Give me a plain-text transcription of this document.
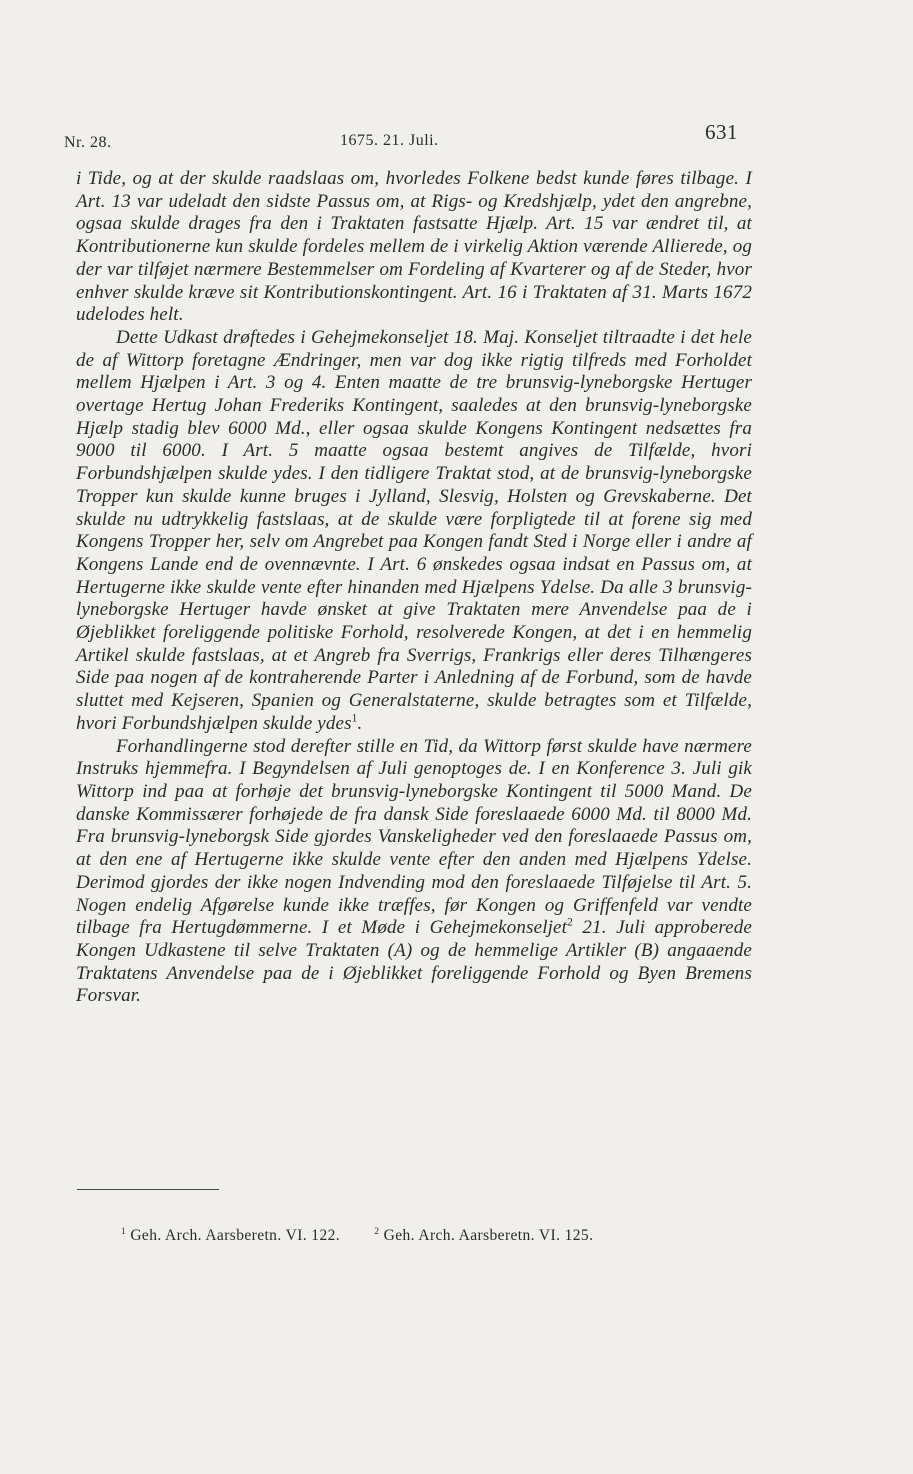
Nr. 28.	1675. 21. Juli.	631

i Tide, og at der skulde raadslaas om, hvorledes Folkene bedst kunde føres tilbage. I Art. 13 var udeladt den sidste Passus om, at Rigs- og Kredshjælp, ydet den angrebne, ogsaa skulde drages fra den i Traktaten fastsatte Hjælp. Art. 15 var ændret til, at Kontributionerne kun skulde fordeles mellem de i virkelig Aktion værende Allierede, og der var tilføjet nærmere Bestemmelser om Fordeling af Kvarterer og af de Steder, hvor enhver skulde kræve sit Kontributionskontingent. Art. 16 i Traktaten af 31. Marts 1672 udelodes helt.

Dette Udkast drøftedes i Gehejmekonseljet 18. Maj. Konseljet tiltraadte i det hele de af Wittorp foretagne Ændringer, men var dog ikke rigtig tilfreds med Forholdet mellem Hjælpen i Art. 3 og 4. Enten maatte de tre brunsvig-lyneborgske Hertuger overtage Hertug Johan Frederiks Kontingent, saaledes at den brunsvig-lyneborgske Hjælp stadig blev 6000 Md., eller ogsaa skulde Kongens Kontingent nedsættes fra 9000 til 6000. I Art. 5 maatte ogsaa bestemt angives de Tilfælde, hvori Forbundshjælpen skulde ydes. I den tidligere Traktat stod, at de brunsvig-lyneborgske Tropper kun skulde kunne bruges i Jylland, Slesvig, Holsten og Grevskaberne. Det skulde nu udtrykkelig fastslaas, at de skulde være forpligtede til at forene sig med Kongens Tropper her, selv om Angrebet paa Kongen fandt Sted i Norge eller i andre af Kongens Lande end de ovennævnte. I Art. 6 ønskedes ogsaa indsat en Passus om, at Hertugerne ikke skulde vente efter hinanden med Hjælpens Ydelse. Da alle 3 brunsvig-lyneborgske Hertuger havde ønsket at give Traktaten mere Anvendelse paa de i Øjeblikket foreliggende politiske Forhold, resolverede Kongen, at det i en hemmelig Artikel skulde fastslaas, at et Angreb fra Sverrigs, Frankrigs eller deres Tilhængeres Side paa nogen af de kontraherende Parter i Anledning af de Forbund, som de havde sluttet med Kejseren, Spanien og Generalstaterne, skulde betragtes som et Tilfælde, hvori Forbundshjælpen skulde ydes$^1$.

Forhandlingerne stod derefter stille en Tid, da Wittorp først skulde have nærmere Instruks hjemmefra. I Begyndelsen af Juli genoptoges de. I en Konference 3. Juli gik Wittorp ind paa at forhøje det brunsvig-lyneborgske Kontingent til 5000 Mand. De danske Kommissærer forhøjede de fra dansk Side foreslaaede 6000 Md. til 8000 Md. Fra brunsvig-lyneborgsk Side gjordes Vanskeligheder ved den foreslaaede Passus om, at den ene af Hertugerne ikke skulde vente efter den anden med Hjælpens Ydelse. Derimod gjordes der ikke nogen Indvending mod den foreslaaede Tilføjelse til Art. 5. Nogen endelig Afgørelse kunde ikke træffes, før Kongen og Griffenfeld var vendte tilbage fra Hertugdømmerne. I et Møde i Gehejmekonseljet$^2$ 21. Juli approberede Kongen Udkastene til selve Traktaten (A) og de hemmelige Artikler (B) angaaende Traktatens Anvendelse paa de i Øjeblikket foreliggende Forhold og Byen Bremens Forsvar.

$^1$ Geh. Arch. Aarsberetn. VI. 122.	$^2$ Geh. Arch. Aarsberetn. VI. 125.
